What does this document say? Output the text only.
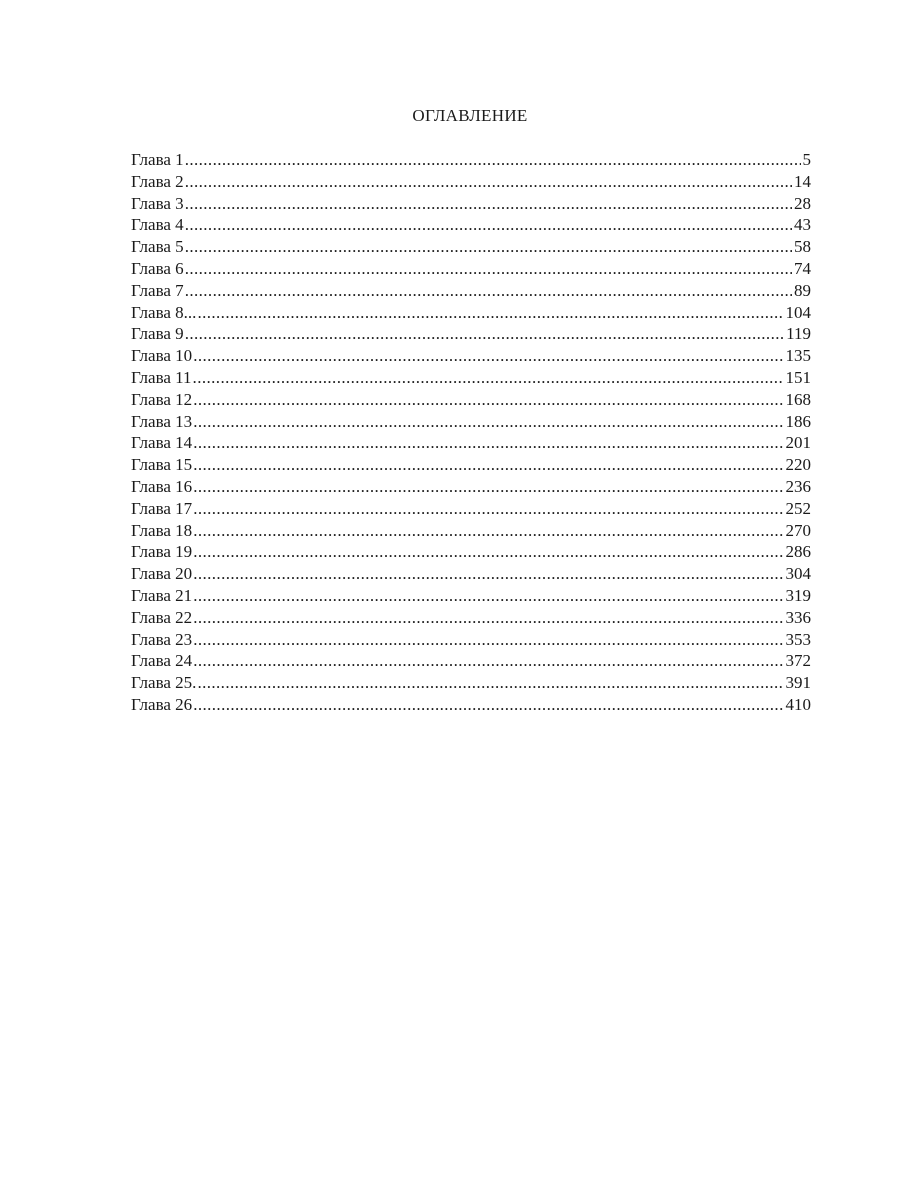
ОГЛАВЛЕНИЕ
Глава 1 .....	5
Глава 2 .....	14
Глава 3 .....	28
Глава 4 .....	43
Глава 5 .....	58
Глава 6 .....	74
Глава 7 .....	89
Глава 8... .....	104
Глава 9 .....	119
Глава 10 .....	135
Глава 11 .....	151
Глава 12 .....	168
Глава 13 .....	186
Глава 14 .....	201
Глава 15 .....	220
Глава 16 .....	236
Глава 17 .....	252
Глава 18 .....	270
Глава 19 .....	286
Глава 20 .....	304
Глава 21 .....	319
Глава 22 .....	336
Глава 23 .....	353
Глава 24 .....	372
Глава 25. .....	391
Глава 26 .....	410
